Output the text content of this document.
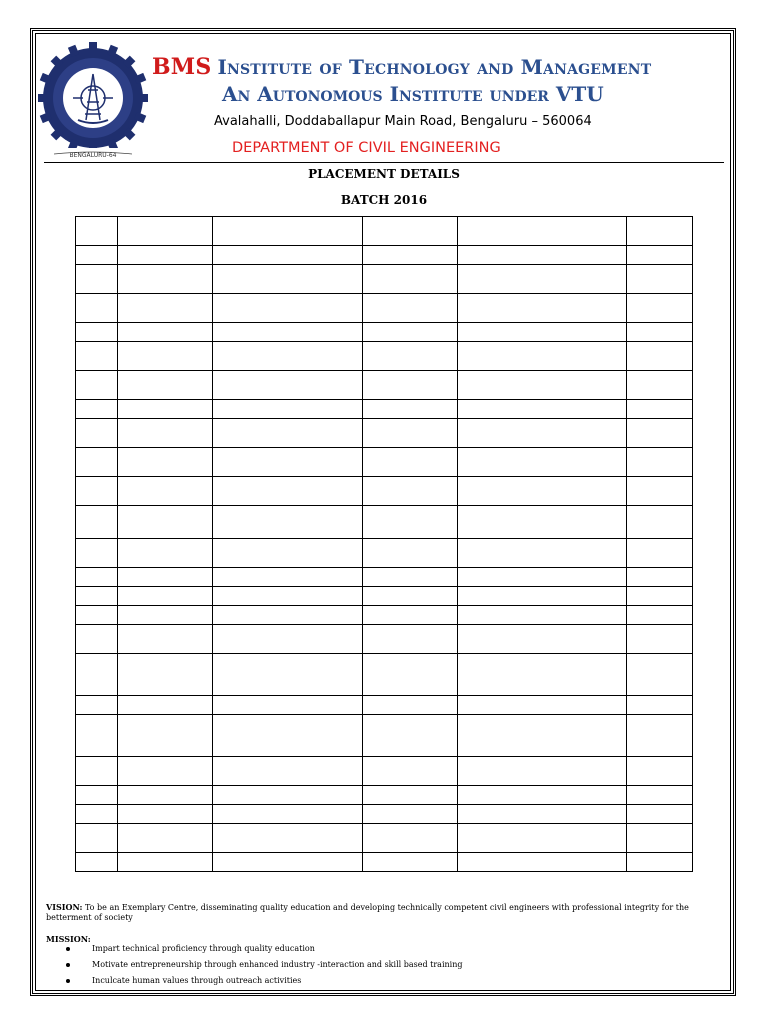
BENGALURU-64
BMS Institute of Technology and Management
An Autonomous Institute under VTU
Avalahalli, Doddaballapur Main Road, Bengaluru – 560064
DEPARTMENT OF CIVIL ENGINEERING
PLACEMENT DETAILS
BATCH 2016

VISION: To be an Exemplary Centre, disseminating quality education and developing technically competent civil engineers with professional integrity for the betterment of society
MISSION:
Impart technical proficiency through quality education
Motivate entrepreneurship through enhanced industry -interaction and skill based training
Inculcate human values through outreach activities
